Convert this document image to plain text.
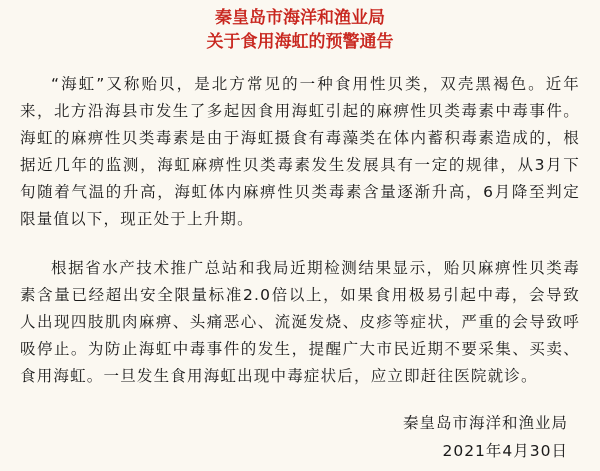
秦皇岛市海洋和渔业局
关于食用海虹的预警通告

“海虹”又称贻贝，是北方常见的一种食用性贝类，双壳黑褐色。近年来，北方沿海县市发生了多起因食用海虹引起的麻痹性贝类毒素中毒事件。海虹的麻痹性贝类毒素是由于海虹摄食有毒藻类在体内蓄积毒素造成的，根据近几年的监测，海虹麻痹性贝类毒素发生发展具有一定的规律，从3月下旬随着气温的升高，海虹体内麻痹性贝类毒素含量逐渐升高，6月降至判定限量值以下，现正处于上升期。

根据省水产技术推广总站和我局近期检测结果显示，贻贝麻痹性贝类毒素含量已经超出安全限量标准2.0倍以上，如果食用极易引起中毒，会导致人出现四肢肌肉麻痹、头痛恶心、流涎发烧、皮疹等症状，严重的会导致呼吸停止。为防止海虹中毒事件的发生，提醒广大市民近期不要采集、买卖、食用海虹。一旦发生食用海虹出现中毒症状后，应立即赶往医院就诊。

秦皇岛市海洋和渔业局
2021年4月30日
